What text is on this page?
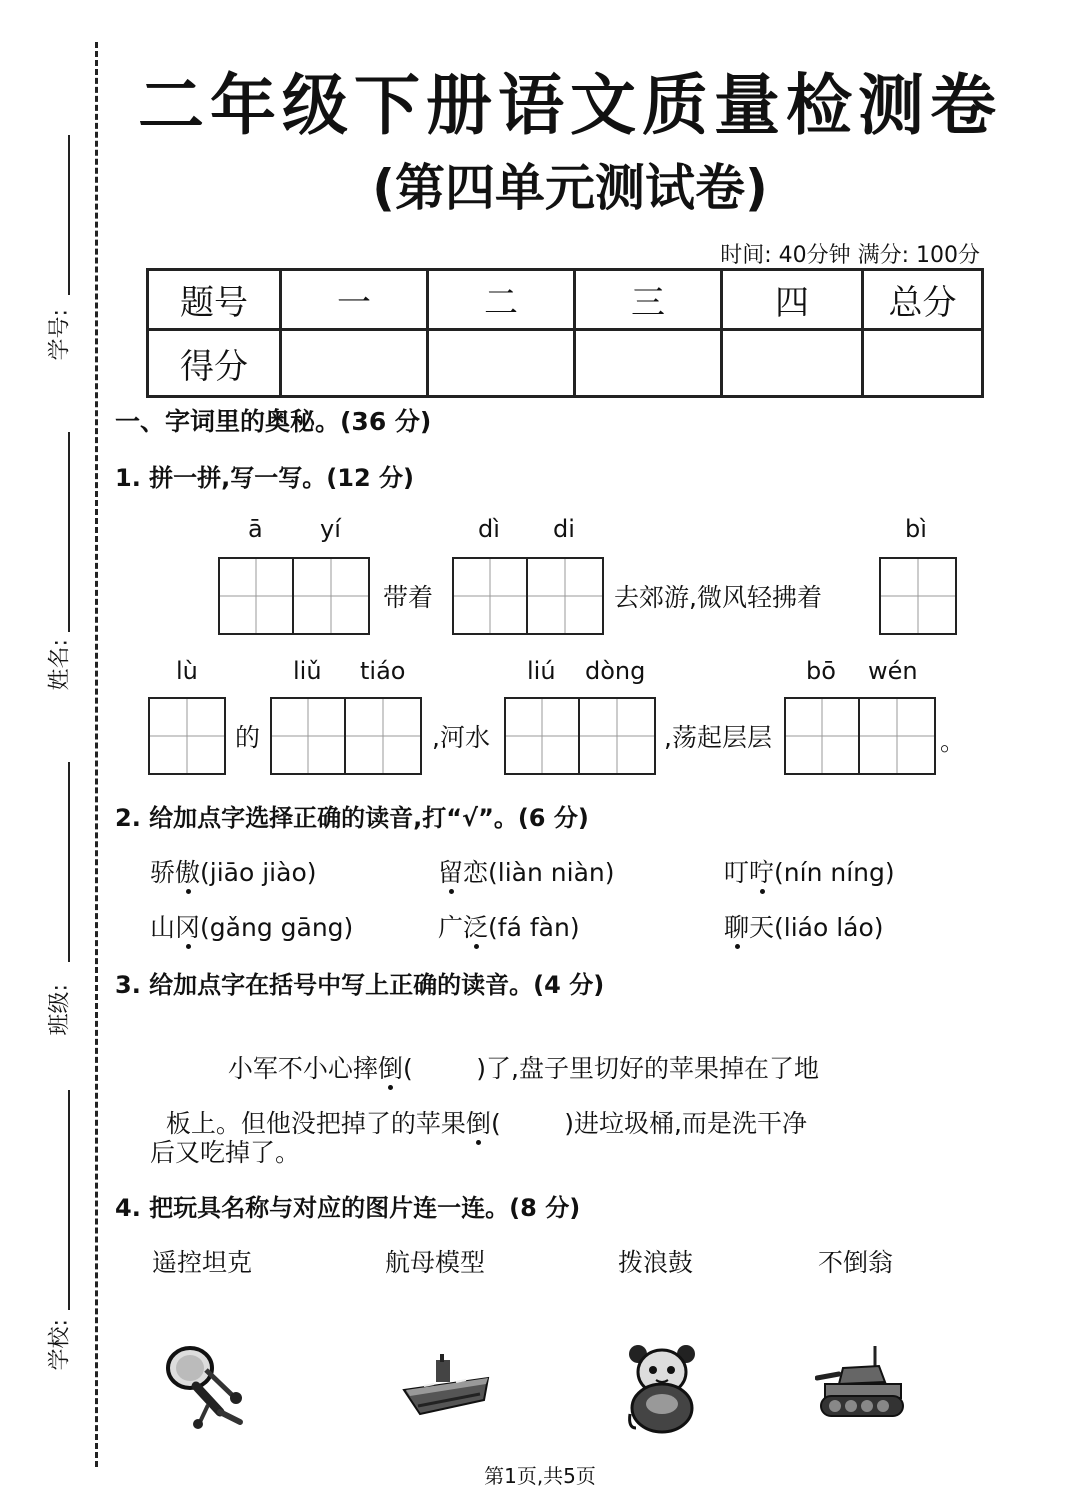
学号:
姓名:
班级:
学校:
二年级下册语文质量检测卷
(第四单元测试卷)
时间: 40分钟 满分: 100分
题号	一	二	三	四	总分
得分					
一、字词里的奥秘。(36 分)
1. 拼一拼,写一写。(12 分)
ā yí	dì di	bì
带着	去郊游,微风轻拂着
lù	liǔ tiáo	liú dòng	bō wén
的	,河水	,荡起层层	。
2. 给加点字选择正确的读音,打“√”。(6 分)
骄傲(jiāo jiào)	留恋(liàn niàn)	叮咛(nín níng)
山冈(gǎng gāng)	广泛(fá fàn)	聊天(liáo láo)
3. 给加点字在括号中写上正确的读音。(4 分)

小军不小心摔倒(        )了,盘子里切好的苹果掉在了地

板上。但他没把掉了的苹果倒(        )进垃圾桶,而是洗干净

后又吃掉了。
4. 把玩具名称与对应的图片连一连。(8 分)
遥控坦克	航母模型	拨浪鼓	不倒翁
第1页,共5页
